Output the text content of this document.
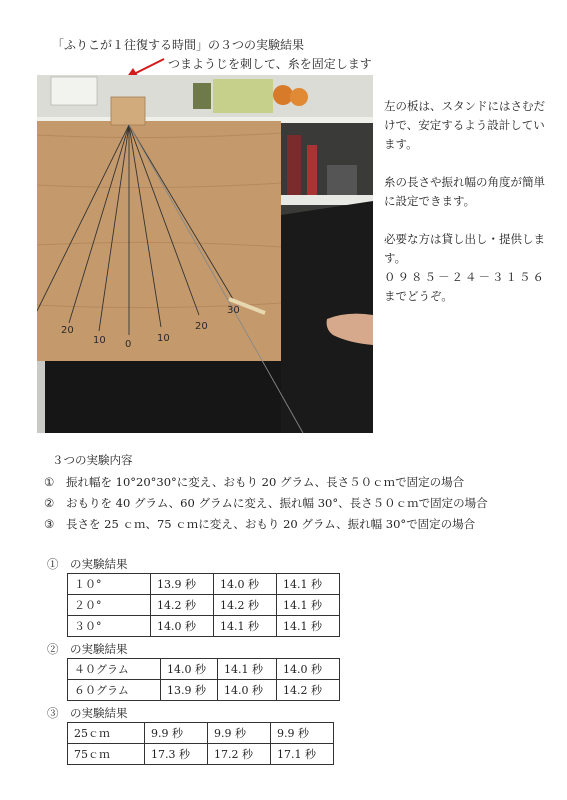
「ふりこが１往復する時間」の３つの実験結果
つまようじを刺して、糸を固定します
20
10 0
10
20
30

左の板は、スタンドにはさむだけで、安定するよう設計しています。

糸の長さや振れ幅の角度が簡単に設定できます。

必要な方は貸し出し・提供します。

０９８５－２４－３１５６

までどうぞ。

３つの実験内容
① 振れ幅を 10°20°30°に変え、おもり 20 グラム、長さ５０ｃｍで固定の場合
② おもりを 40 グラム、60 グラムに変え、振れ幅 30°、長さ５０ｃｍで固定の場合
③ 長さを 25 ｃｍ、75 ｃｍに変え、おもり 20 グラム、振れ幅 30°で固定の場合
①　の実験結果
１０°	13.9 秒	14.0 秒	14.1 秒
２０°	14.2 秒	14.2 秒	14.1 秒
３０°	14.0 秒	14.1 秒	14.1 秒
②　の実験結果
４０グラム	14.0 秒	14.1 秒	14.0 秒
６０グラム	13.9 秒	14.0 秒	14.2 秒
③　の実験結果
25ｃｍ	9.9 秒	9.9 秒	9.9 秒
75ｃｍ	17.3 秒	17.2 秒	17.1 秒
